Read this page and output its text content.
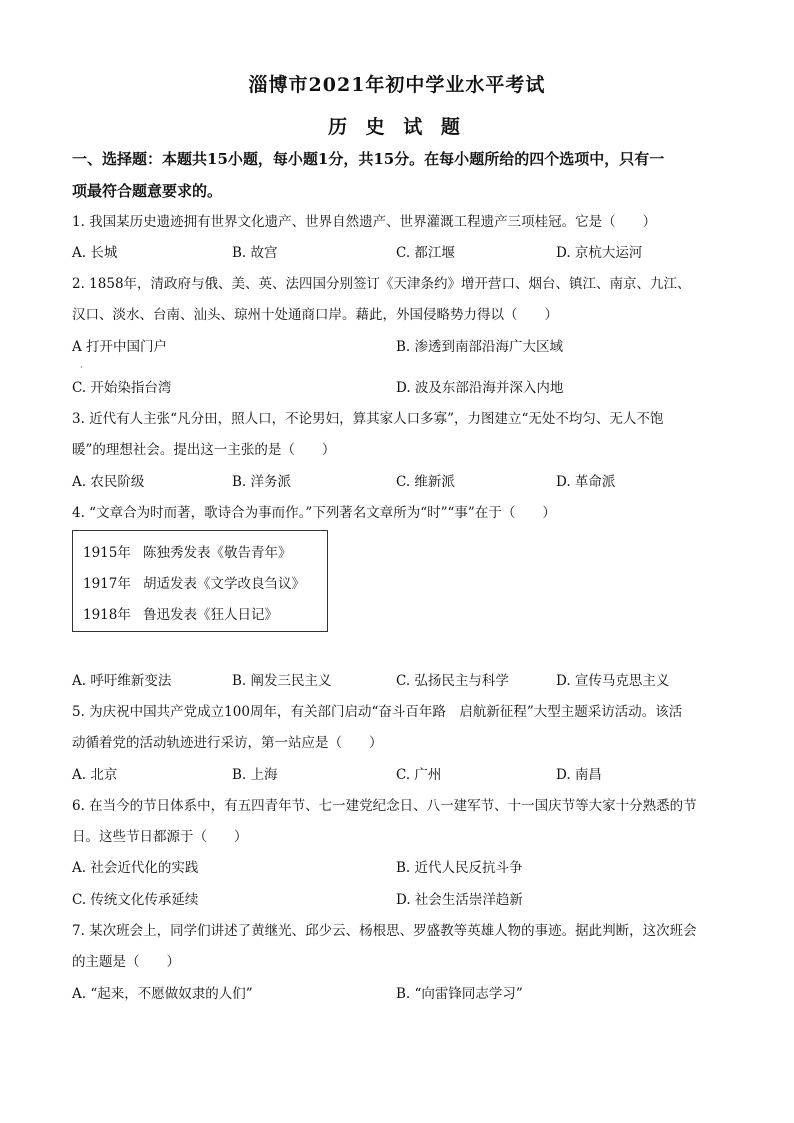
淄博市2021年初中学业水平考试
历 史 试 题
一、选择题：本题共15小题，每小题1分，共15分。在每小题所给的四个选项中，只有一
项最符合题意要求的。
1. 我国某历史遗迹拥有世界文化遗产、世界自然遗产、世界灌溉工程遗产三项桂冠。它是（　　）
A. 长城	B. 故宫	C. 都江堰	D. 京杭大运河
2. 1858年，清政府与俄、美、英、法四国分别签订《天津条约》增开营口、烟台、镇江、南京、九江、
汉口、淡水、台南、汕头、琼州十处通商口岸。藉此，外国侵略势力得以（　　）
A 打开中国门户
·
B. 渗透到南部沿海广大区域
C. 开始染指台湾	D. 波及东部沿海并深入内地
3. 近代有人主张“凡分田，照人口，不论男妇，算其家人口多寡”，力图建立“无处不均匀、无人不饱
暖”的理想社会。提出这一主张的是（　　）
A. 农民阶级	B. 洋务派	C. 维新派	D. 革命派
4. “文章合为时而著，歌诗合为事而作。”下列著名文章所为“时”“事”在于（　　）
1915年 陈独秀发表《敬告青年》
1917年 胡适发表《文学改良刍议》
1918年 鲁迅发表《狂人日记》
A. 呼吁维新变法	B. 阐发三民主义	C. 弘扬民主与科学	D. 宣传马克思主义
5. 为庆祝中国共产党成立100周年，有关部门启动“奋斗百年路　启航新征程”大型主题采访活动。该活
动循着党的活动轨迹进行采访，第一站应是（　　）
A. 北京	B. 上海	C. 广州	D. 南昌
6. 在当今的节日体系中，有五四青年节、七一建党纪念日、八一建军节、十一国庆节等大家十分熟悉的节
日。这些节日都源于（　　）
A. 社会近代化的实践	B. 近代人民反抗斗争
C. 传统文化传承延续	D. 社会生活崇洋趋新
7. 某次班会上，同学们讲述了黄继光、邱少云、杨根思、罗盛教等英雄人物的事迹。据此判断，这次班会
的主题是（　　）
A. “起来，不愿做奴隶的人们”	B. “向雷锋同志学习”
